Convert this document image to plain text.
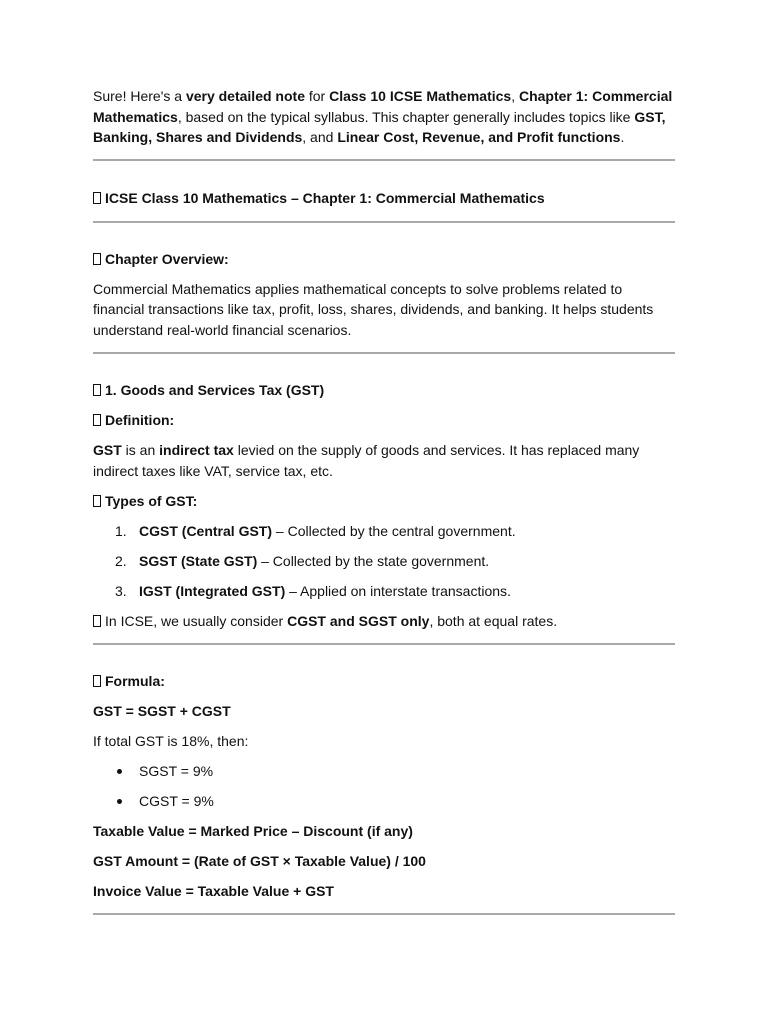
Sure! Here's a very detailed note for Class 10 ICSE Mathematics, Chapter 1: Commercial Mathematics, based on the typical syllabus. This chapter generally includes topics like GST, Banking, Shares and Dividends, and Linear Cost, Revenue, and Profit functions.

ICSE Class 10 Mathematics – Chapter 1: Commercial Mathematics

Chapter Overview:

Commercial Mathematics applies mathematical concepts to solve problems related to financial transactions like tax, profit, loss, shares, dividends, and banking. It helps students understand real-world financial scenarios.

1. Goods and Services Tax (GST)

Definition:

GST is an indirect tax levied on the supply of goods and services. It has replaced many indirect taxes like VAT, service tax, etc.

Types of GST:

1. CGST (Central GST) – Collected by the central government.
2. SGST (State GST) – Collected by the state government.
3. IGST (Integrated GST) – Applied on interstate transactions.

In ICSE, we usually consider CGST and SGST only, both at equal rates.

Formula:

GST = SGST + CGST

If total GST is 18%, then:

SGST = 9%
CGST = 9%

Taxable Value = Marked Price – Discount (if any)

GST Amount = (Rate of GST × Taxable Value) / 100

Invoice Value = Taxable Value + GST
